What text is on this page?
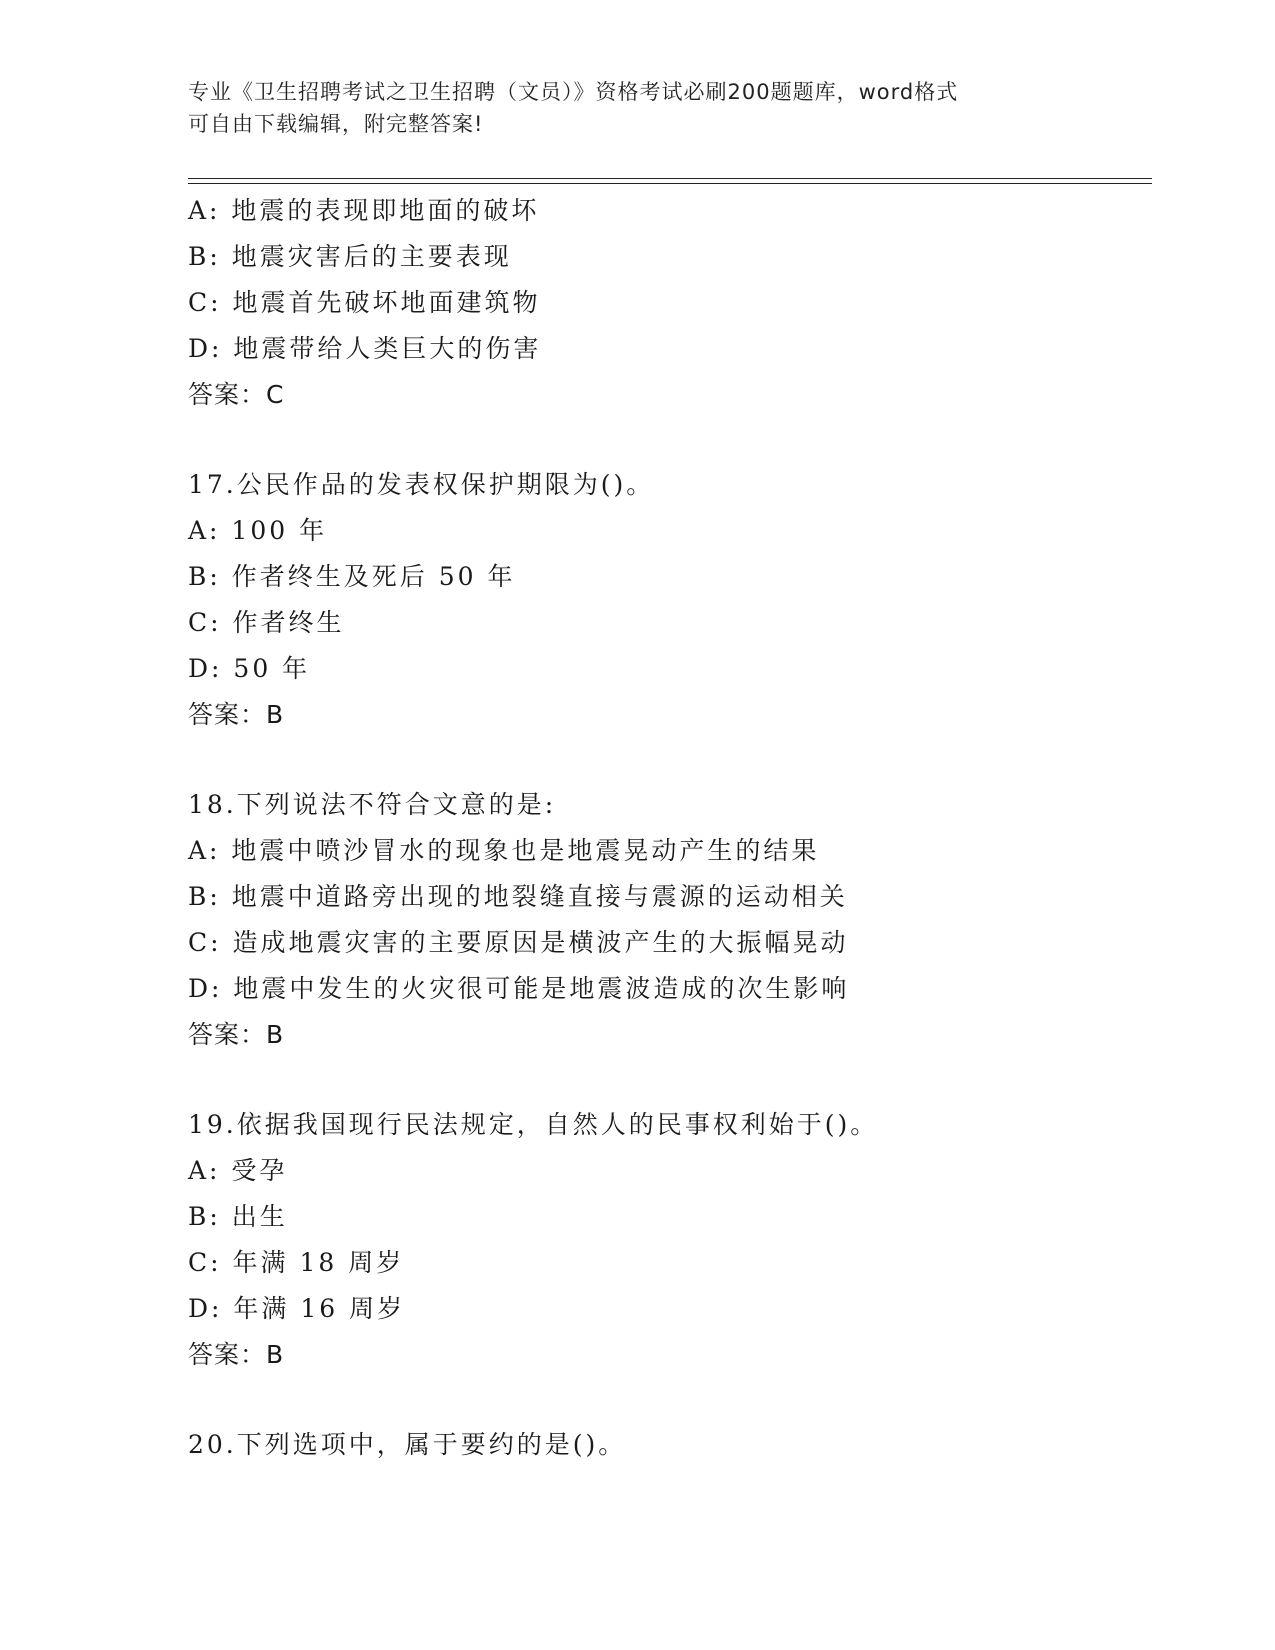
专业《卫生招聘考试之卫生招聘（文员）》资格考试必刷200题题库，word格式
可自由下载编辑，附完整答案!
A: 地震的表现即地面的破坏
B: 地震灾害后的主要表现
C: 地震首先破坏地面建筑物
D: 地震带给人类巨大的伤害
答案：C
17.公民作品的发表权保护期限为()。
A: 100 年
B: 作者终生及死后 50 年
C: 作者终生
D: 50 年
答案：B
18.下列说法不符合文意的是:
A: 地震中喷沙冒水的现象也是地震晃动产生的结果
B: 地震中道路旁出现的地裂缝直接与震源的运动相关
C: 造成地震灾害的主要原因是横波产生的大振幅晃动
D: 地震中发生的火灾很可能是地震波造成的次生影响
答案：B
19.依据我国现行民法规定，自然人的民事权利始于()。
A: 受孕
B: 出生
C: 年满 18 周岁
D: 年满 16 周岁
答案：B
20.下列选项中，属于要约的是()。
